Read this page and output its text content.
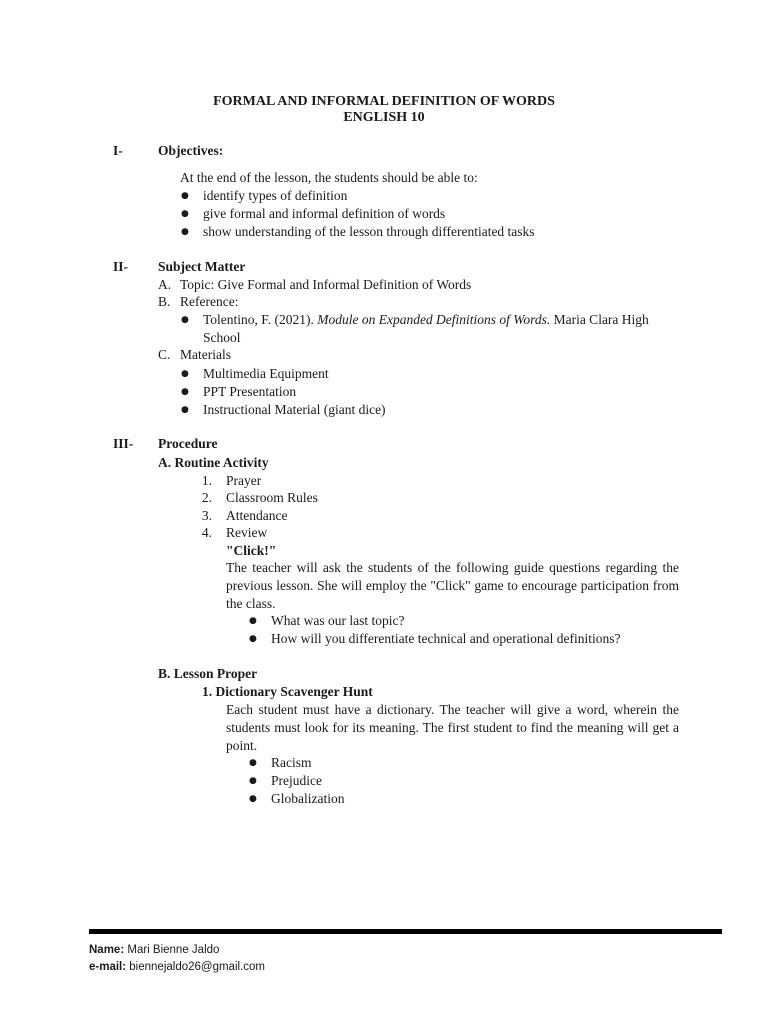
FORMAL AND INFORMAL DEFINITION OF WORDS
ENGLISH 10
I-	Objectives:
At the end of the lesson, the students should be able to:
● identify types of definition
● give formal and informal definition of words
● show understanding of the lesson through differentiated tasks
II- Subject Matter
A. Topic: Give Formal and Informal Definition of Words
B. Reference:
● Tolentino, F. (2021). Module on Expanded Definitions of Words. Maria Clara High
School
C. Materials
● Multimedia Equipment
● PPT Presentation
● Instructional Material (giant dice)
III- Procedure
A. Routine Activity
1. Prayer
2. Classroom Rules
3. Attendance
4. Review
"Click!"
The teacher will ask the students of the following guide questions regarding the previous lesson. She will employ the "Click" game to encourage participation from the class.
● What was our last topic?
● How will you differentiate technical and operational definitions?
B. Lesson Proper
1. Dictionary Scavenger Hunt
Each student must have a dictionary. The teacher will give a word, wherein the students must look for its meaning. The first student to find the meaning will get a point.
● Racism
● Prejudice
● Globalization
Name: Mari Bienne Jaldo
e-mail: biennejaldo26@gmail.com
